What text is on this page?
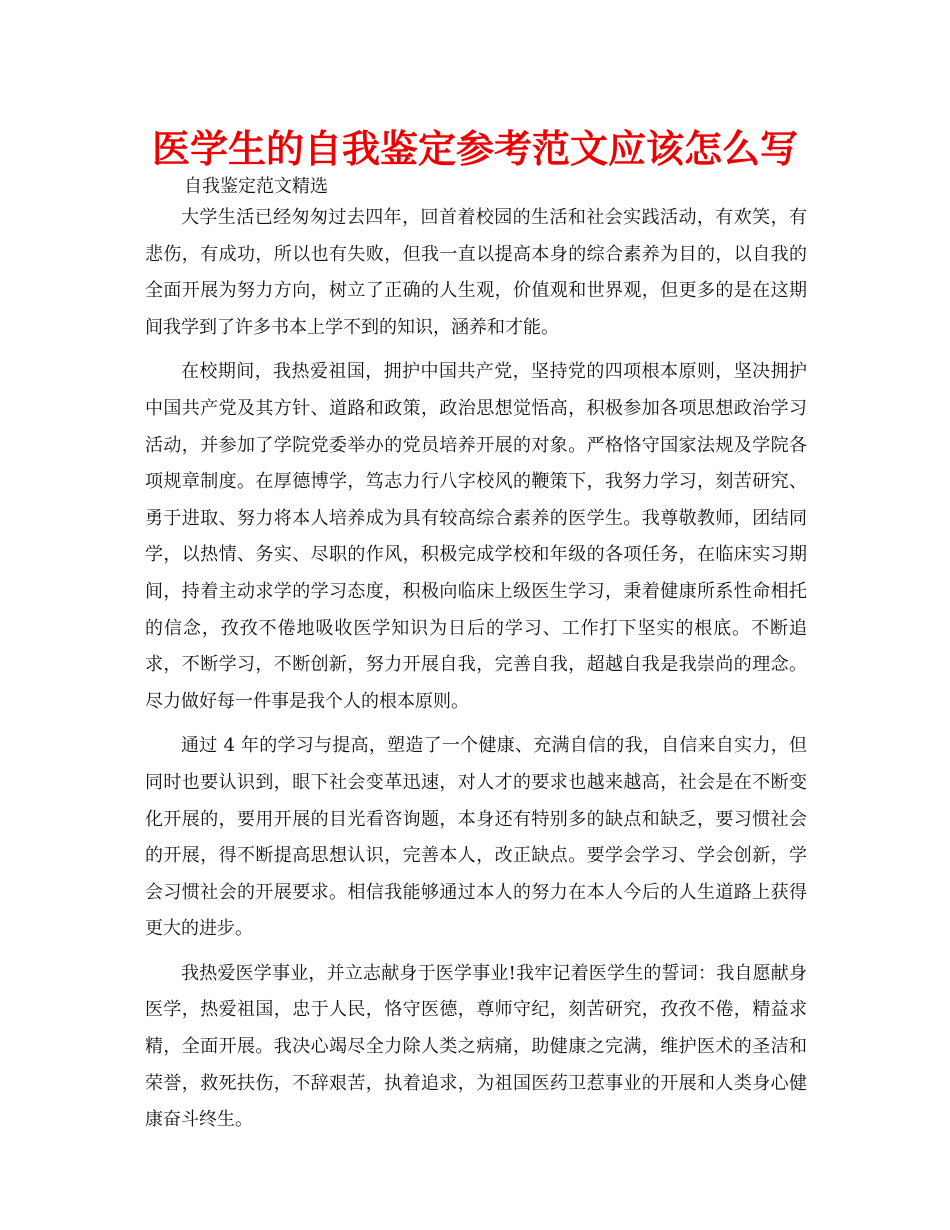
医学生的自我鉴定参考范文应该怎么写
自我鉴定范文精选

大学生活已经匆匆过去四年，回首着校园的生活和社会实践活动，有欢笑，有悲伤，有成功，所以也有失败，但我一直以提高本身的综合素养为目的，以自我的全面开展为努力方向，树立了正确的人生观，价值观和世界观，但更多的是在这期间我学到了许多书本上学不到的知识，涵养和才能。

在校期间，我热爱祖国，拥护中国共产党，坚持党的四项根本原则，坚决拥护中国共产党及其方针、道路和政策，政治思想觉悟高，积极参加各项思想政治学习活动，并参加了学院党委举办的党员培养开展的对象。严格恪守国家法规及学院各项规章制度。在厚德博学，笃志力行八字校风的鞭策下，我努力学习，刻苦研究、勇于进取、努力将本人培养成为具有较高综合素养的医学生。我尊敬教师，团结同学，以热情、务实、尽职的作风，积极完成学校和年级的各项任务，在临床实习期间，持着主动求学的学习态度，积极向临床上级医生学习，秉着健康所系性命相托的信念，孜孜不倦地吸收医学知识为日后的学习、工作打下坚实的根底。不断追求，不断学习，不断创新，努力开展自我，完善自我，超越自我是我崇尚的理念。尽力做好每一件事是我个人的根本原则。

通过 4 年的学习与提高，塑造了一个健康、充满自信的我，自信来自实力，但同时也要认识到，眼下社会变革迅速，对人才的要求也越来越高，社会是在不断变化开展的，要用开展的目光看咨询题，本身还有特别多的缺点和缺乏，要习惯社会的开展，得不断提高思想认识，完善本人，改正缺点。要学会学习、学会创新，学会习惯社会的开展要求。相信我能够通过本人的努力在本人今后的人生道路上获得更大的进步。

我热爱医学事业，并立志献身于医学事业!我牢记着医学生的誓词：我自愿献身医学，热爱祖国，忠于人民，恪守医德，尊师守纪，刻苦研究，孜孜不倦，精益求精，全面开展。我决心竭尽全力除人类之病痛，助健康之完满，维护医术的圣洁和荣誉，救死扶伤，不辞艰苦，执着追求，为祖国医药卫惹事业的开展和人类身心健康奋斗终生。
